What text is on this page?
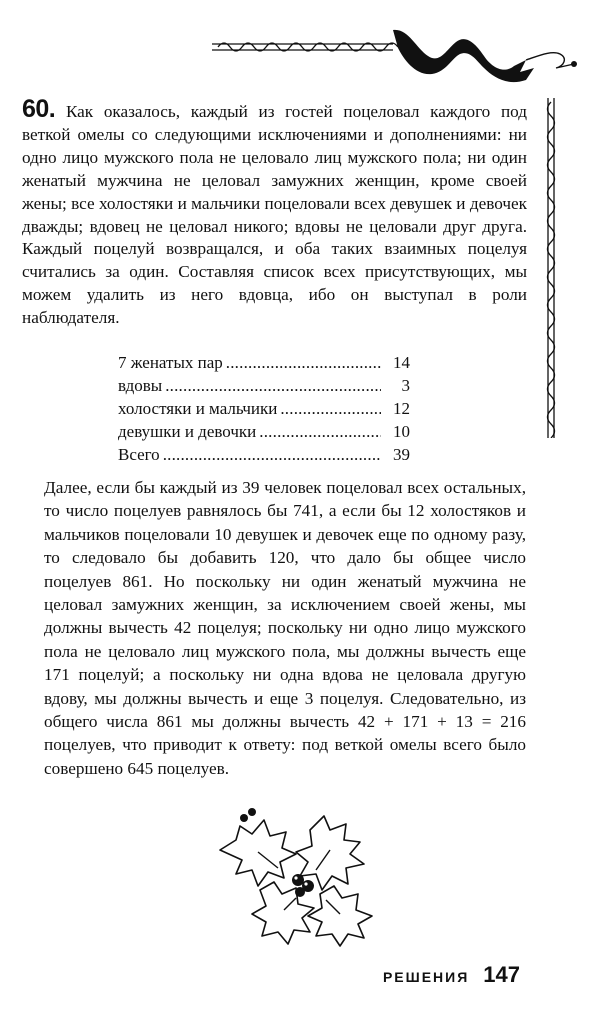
60. Как оказалось, каждый из гостей поцеловал каждого под веткой омелы со следующими исключениями и дополнениями: ни одно лицо мужского пола не целовало лиц мужского пола; ни один женатый мужчина не целовал замужних женщин, кроме своей жены; все холостяки и мальчики поцеловали всех девушек и девочек дважды; вдовец не целовал никого; вдовы не целовали друг друга. Каждый поцелуй возвращался, и оба таких взаимных поцелуя считались за один. Составляя список всех присутствующих, мы можем удалить из него вдовца, ибо он выступал в роли наблюдателя.
7 женатых пар .....	14
вдовы .....	3
холостяки и мальчики .....	12
девушки и девочки .....	10
Всего .....	39
Далее, если бы каждый из 39 человек поцеловал всех остальных, то число поцелуев равнялось бы 741, а если бы 12 холостяков и мальчиков поцеловали 10 девушек и девочек еще по одному разу, то следовало бы добавить 120, что дало бы общее число поцелуев 861. Но поскольку ни один женатый мужчина не целовал замужних женщин, за исключением своей жены, мы должны вычесть 42 поцелуя; поскольку ни одно лицо мужского пола не целовало лиц мужского пола, мы должны вычесть еще 171 поцелуй; а поскольку ни одна вдова не целовала другую вдову, мы должны вычесть и еще 3 поцелуя. Следовательно, из общего числа 861 мы должны вычесть 42 + 171 + 13 = 216 поцелуев, что приводит к ответу: под веткой омелы всего было совершено 645 поцелуев.
РЕШЕНИЯ 147
